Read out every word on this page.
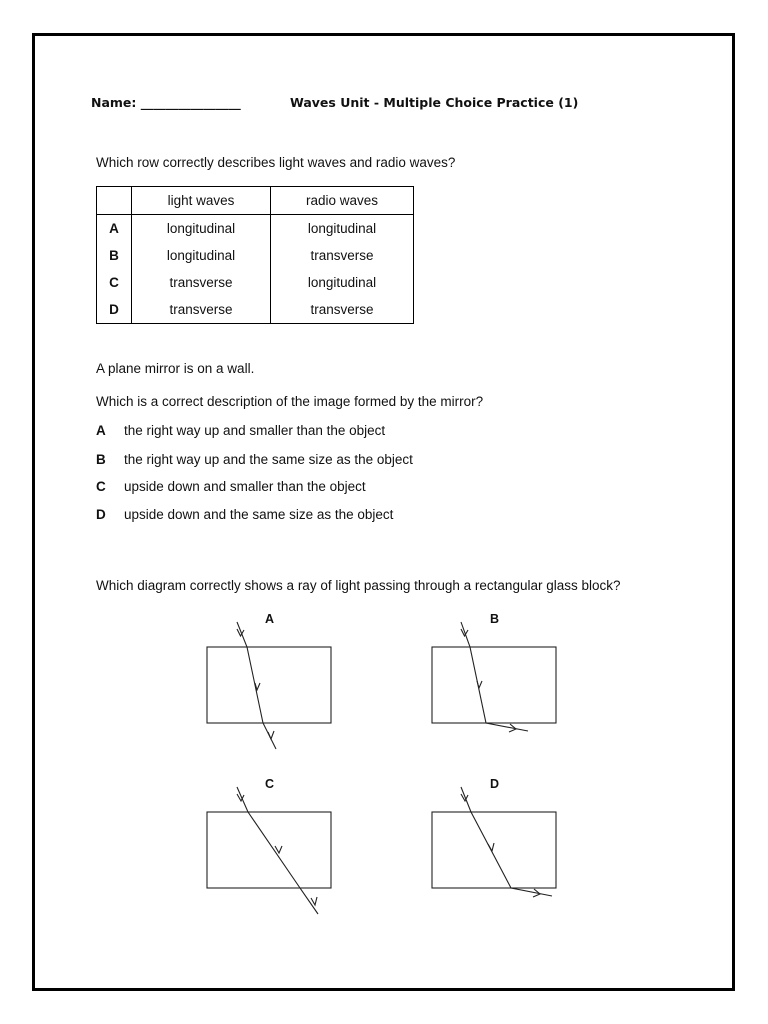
Name: ________________	Waves Unit - Multiple Choice Practice (1)
Which row correctly describes light waves and radio waves?
	light waves	radio waves
A	longitudinal	longitudinal
B	longitudinal	transverse
C	transverse	longitudinal
D	transverse	transverse
A plane mirror is on a wall.
Which is a correct description of the image formed by the mirror?
A the right way up and smaller than the object
B the right way up and the same size as the object
C upside down and smaller than the object
D upside down and the same size as the object
Which diagram correctly shows a ray of light passing through a rectangular glass block?
A	B
C	D
